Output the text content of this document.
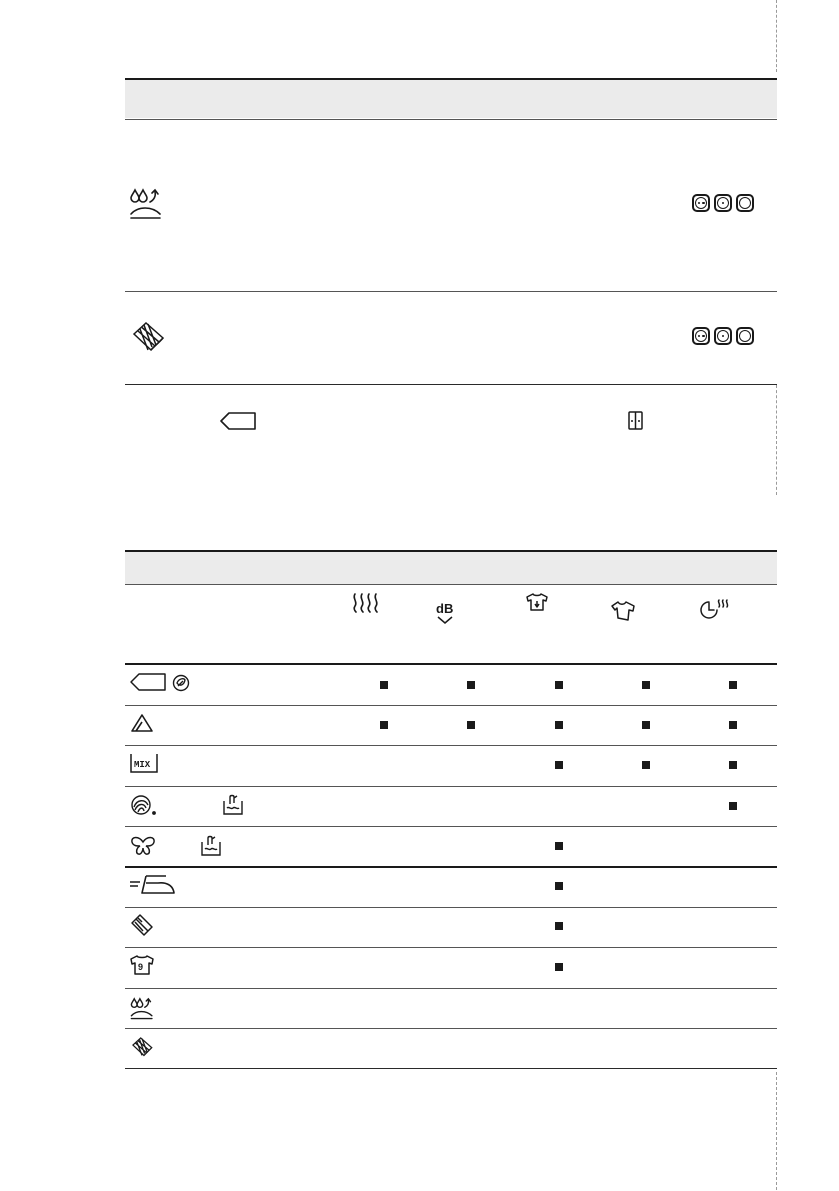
dB
MIX
9
